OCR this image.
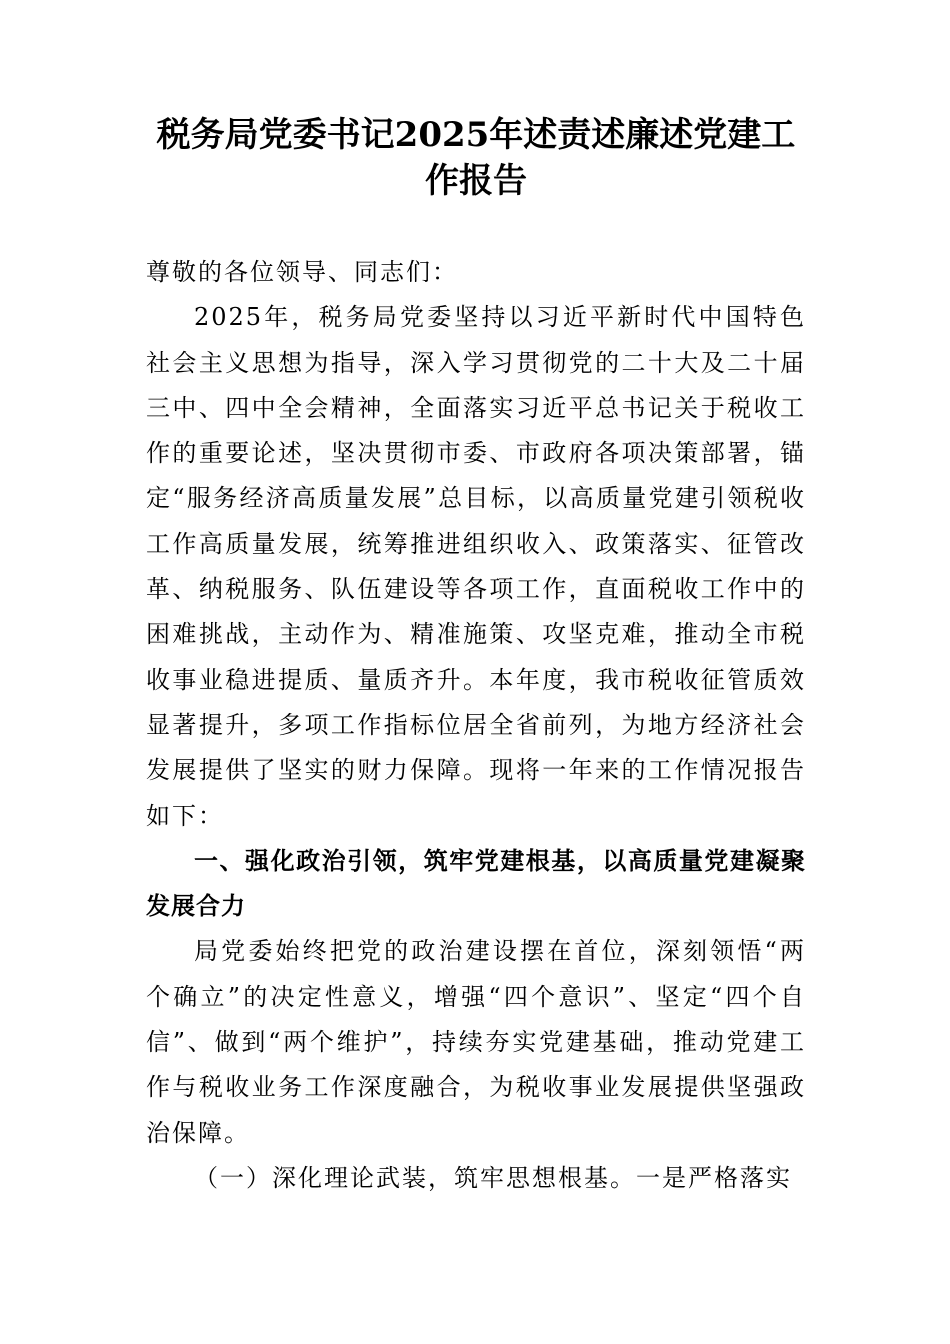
税务局党委书记2025年述责述廉述党建工作报告

尊敬的各位领导、同志们：

2025年，税务局党委坚持以习近平新时代中国特色社会主义思想为指导，深入学习贯彻党的二十大及二十届三中、四中全会精神，全面落实习近平总书记关于税收工作的重要论述，坚决贯彻市委、市政府各项决策部署，锚定“服务经济高质量发展”总目标，以高质量党建引领税收工作高质量发展，统筹推进组织收入、政策落实、征管改革、纳税服务、队伍建设等各项工作，直面税收工作中的困难挑战，主动作为、精准施策、攻坚克难，推动全市税收事业稳进提质、量质齐升。本年度，我市税收征管质效显著提升，多项工作指标位居全省前列，为地方经济社会发展提供了坚实的财力保障。现将一年来的工作情况报告如下：

一、强化政治引领，筑牢党建根基，以高质量党建凝聚发展合力

局党委始终把党的政治建设摆在首位，深刻领悟“两个确立”的决定性意义，增强“四个意识”、坚定“四个自信”、做到“两个维护”，持续夯实党建基础，推动党建工作与税收业务工作深度融合，为税收事业发展提供坚强政治保障。

（一）深化理论武装，筑牢思想根基。一是严格落实
